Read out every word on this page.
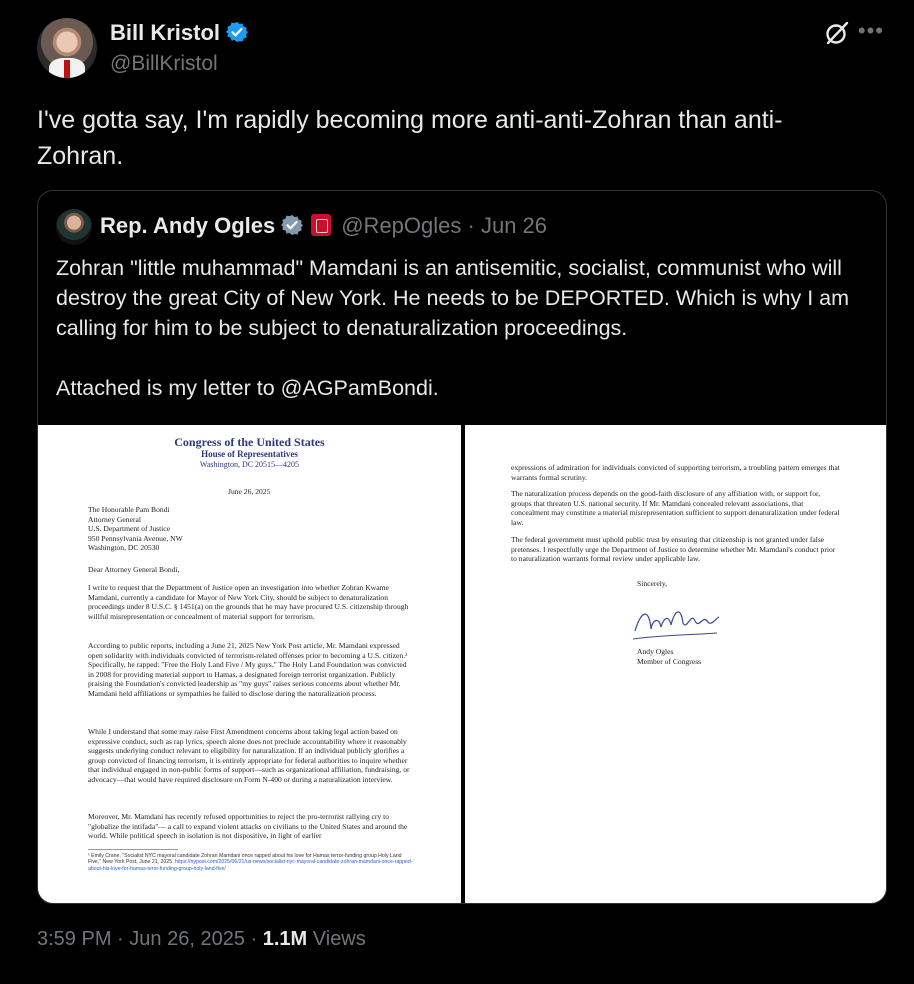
Bill Kristol
@BillKristol
•••
I've gotta say, I'm rapidly becoming more anti-anti-Zohran than anti-Zohran.
Rep. Andy Ogles	@RepOgles · Jun 26

Zohran "little muhammad" Mamdani is an antisemitic, socialist, communist who will destroy the great City of New York. He needs to be DEPORTED. Which is why I am calling for him to be subject to denaturalization proceedings.

Attached is my letter to @AGPamBondi.

Congress of the United States
House of Representatives
Washington, DC 20515—4205
June 26, 2025
The Honorable Pam Bondi
Attorney General
U.S. Department of Justice
950 Pennsylvania Avenue, NW
Washington, DC 20530
Dear Attorney General Bondi,
I write to request that the Department of Justice open an investigation into whether Zohran Kwame Mamdani, currently a candidate for Mayor of New York City, should be subject to denaturalization proceedings under 8 U.S.C. § 1451(a) on the grounds that he may have procured U.S. citizenship through willful misrepresentation or concealment of material support for terrorism.
According to public reports, including a June 21, 2025 New York Post article, Mr. Mamdani expressed open solidarity with individuals convicted of terrorism-related offenses prior to becoming a U.S. citizen.¹ Specifically, he rapped: "Free the Holy Land Five / My guys." The Holy Land Foundation was convicted in 2008 for providing material support to Hamas, a designated foreign terrorist organization. Publicly praising the Foundation's convicted leadership as "my guys" raises serious concerns about whether Mr. Mamdani held affiliations or sympathies he failed to disclose during the naturalization process.
While I understand that some may raise First Amendment concerns about taking legal action based on expressive conduct, such as rap lyrics, speech alone does not preclude accountability where it reasonably suggests underlying conduct relevant to eligibility for naturalization. If an individual publicly glorifies a group convicted of financing terrorism, it is entirely appropriate for federal authorities to inquire whether that individual engaged in non-public forms of support—such as organizational affiliation, fundraising, or advocacy—that would have required disclosure on Form N-400 or during a naturalization interview.
Moreover, Mr. Mamdani has recently refused opportunities to reject the pro-terrorist rallying cry to "globalize the intifada"— a call to expand violent attacks on civilians to the United States and around the world. While political speech in isolation is not dispositive, in light of earlier
¹ Emily Crane, "Socialist NYC mayoral candidate Zohran Mamdani once rapped about his love for Hamas terror-funding group Holy Land Five," New York Post, June 21, 2025. https://nypost.com/2025/06/21/us-news/socialist-nyc-mayoral-candidate-zohran-mamdani-once-rapped-about-his-love-for-hamas-teror-funding-group-holy-land-five/
expressions of admiration for individuals convicted of supporting terrorism, a troubling pattern emerges that warrants formal scrutiny.
The naturalization process depends on the good-faith disclosure of any affiliation with, or support for, groups that threaten U.S. national security. If Mr. Mamdani concealed relevant associations, that concealment may constitute a material misrepresentation sufficient to support denaturalization under federal law.
The federal government must uphold public trust by ensuring that citizenship is not granted under false pretenses. I respectfully urge the Department of Justice to determine whether Mr. Mamdani's conduct prior to naturalization warrants formal review under applicable law.
Sincerely,
Andy Ogles
Member of Congress
3:59 PM · Jun 26, 2025 · 1.1M Views
